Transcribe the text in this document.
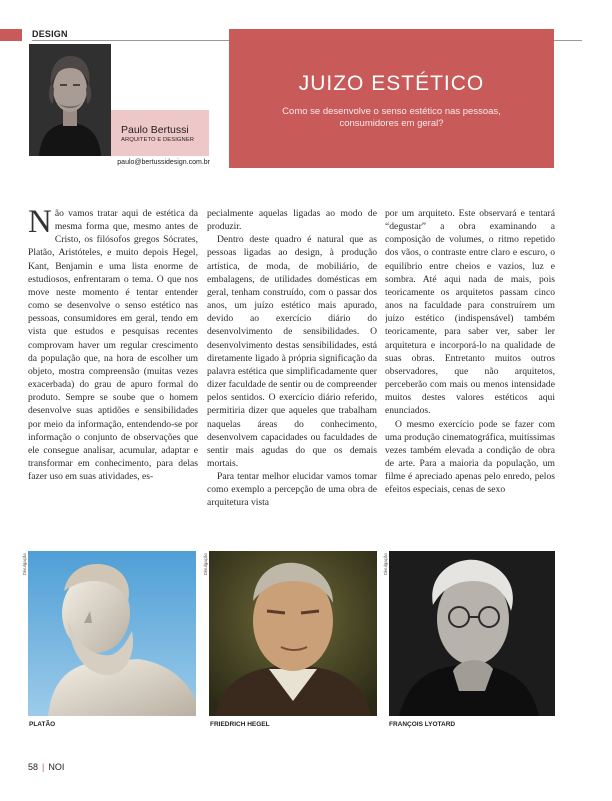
DESIGN
Paulo Bertussi
ARQUITETO E DESIGNER
paulo@bertussidesign.com.br
JUIZO ESTÉTICO
Como se desenvolve o senso estético nas pessoas, consumidores em geral?

Não vamos tratar aqui de estética da mesma forma que, mesmo antes de Cristo, os filósofos gregos Sócrates, Platão, Aristóteles, e muito depois Hegel, Kant, Benjamin e uma lista enorme de estudiosos, enfrentaram o tema. O que nos move neste momento é tentar entender como se desenvolve o senso estético nas pessoas, consumidores em geral, tendo em vista que estudos e pesquisas recentes comprovam haver um regular crescimento da população que, na hora de escolher um objeto, mostra compreensão (muitas vezes exacerbada) do grau de apuro formal do produto. Sempre se soube que o homem desenvolve suas aptidões e sensibilidades por meio da informação, entendendo-se por informação o conjunto de observações que ele consegue analisar, acumular, adaptar e transformar em conhecimento, para delas fazer uso em suas atividades, es-

pecialmente aquelas ligadas ao modo de produzir.

Dentro deste quadro é natural que as pessoas ligadas ao design, à produção artística, de moda, de mobiliário, de embalagens, de utilidades domésticas em geral, tenham construído, com o passar dos anos, um juízo estético mais apurado, devido ao exercício diário do desenvolvimento de sensibilidades. O desenvolvimento destas sensibilidades, está diretamente ligado à própria significação da palavra estética que simplificadamente quer dizer faculdade de sentir ou de compreender pelos sentidos. O exercício diário referido, permitiria dizer que aqueles que trabalham naquelas áreas do conhecimento, desenvolvem capacidades ou faculdades de sentir mais agudas do que os demais mortais.

Para tentar melhor elucidar vamos tomar como exemplo a percepção de uma obra de arquitetura vista

por um arquiteto. Este observará e tentará “degustar” a obra examinando a composição de volumes, o ritmo repetido dos vãos, o contraste entre claro e escuro, o equilíbrio entre cheios e vazios, luz e sombra. Até aqui nada de mais, pois teoricamente os arquitetos passam cinco anos na faculdade para construírem um juízo estético (indispensável) também teoricamente, para saber ver, saber ler arquitetura e incorporá-lo na qualidade de suas obras. Entretanto muitos outros observadores, que não arquitetos, perceberão com mais ou menos intensidade muitos destes valores estéticos aqui enunciados.

O mesmo exercício pode se fazer com uma produção cinematográfica, muitíssimas vezes também elevada a condição de obra de arte. Para a maioria da população, um filme é apreciado apenas pelo enredo, pelos efeitos especiais, cenas de sexo

Divulgação	Divulgação	Divulgação
PLATÃO	FRIEDRICH HEGEL	FRANÇOIS LYOTARD
58 | NOI
